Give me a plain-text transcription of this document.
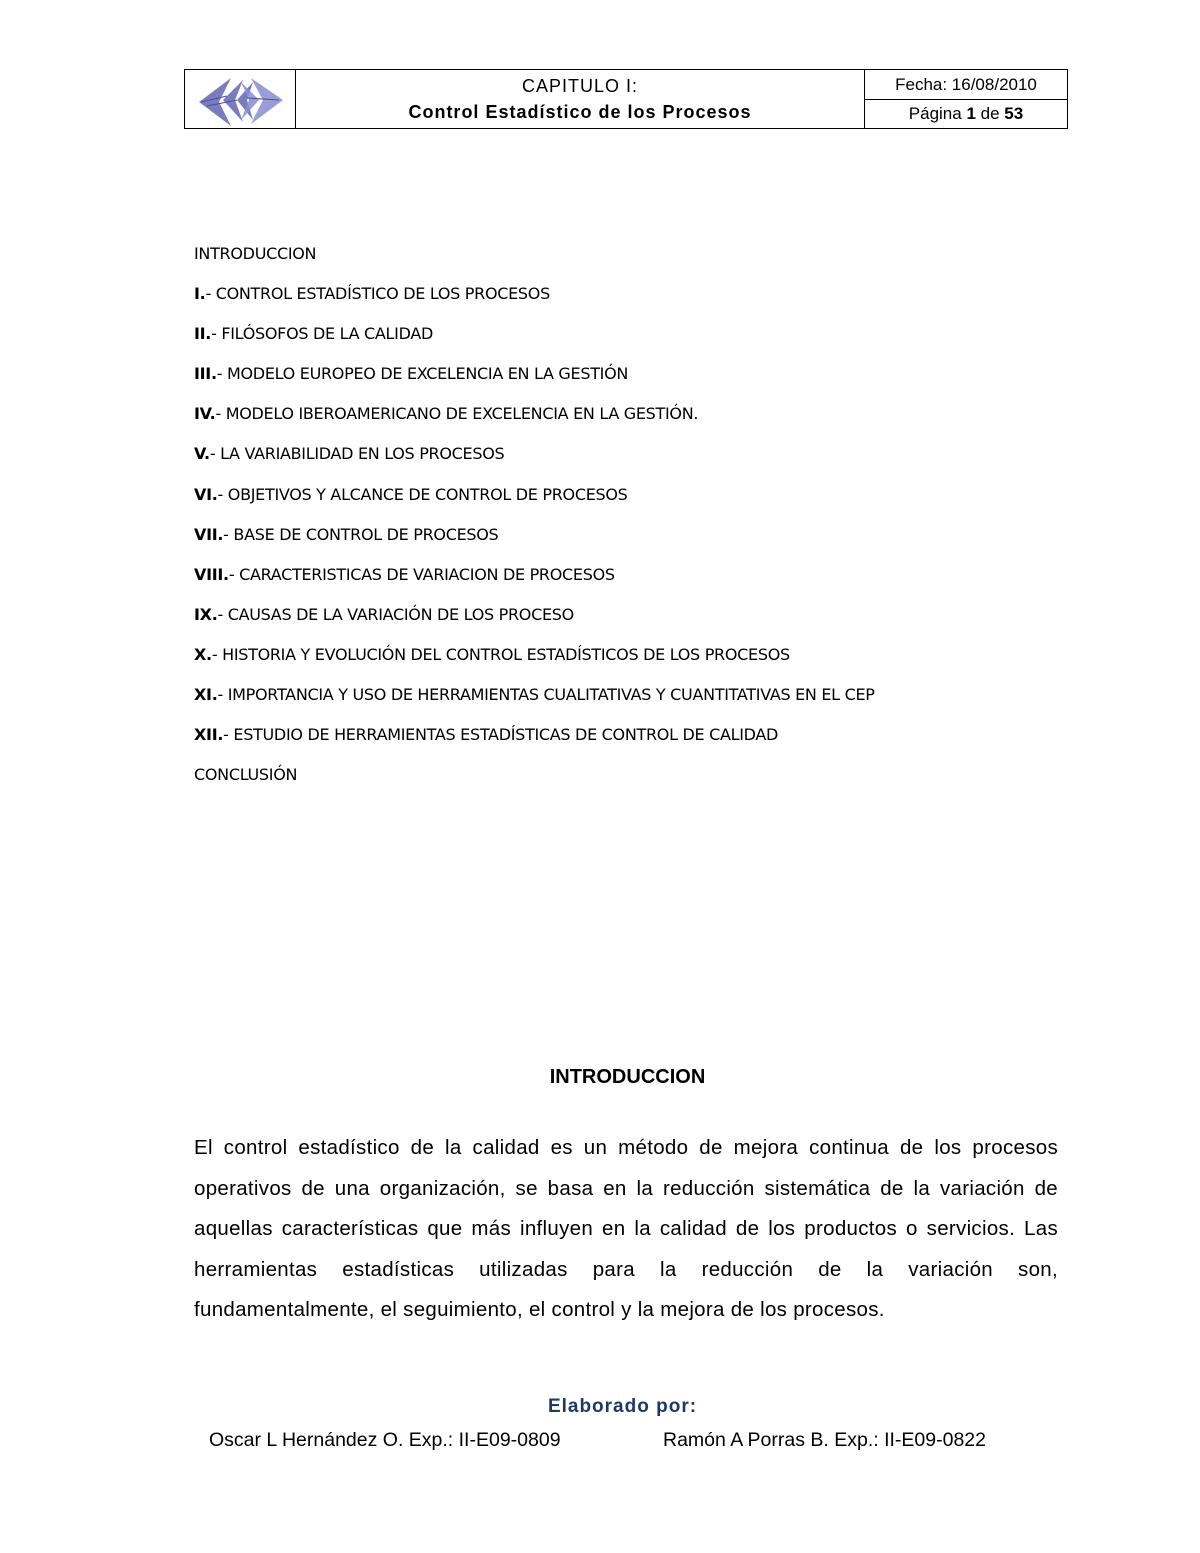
CAPITULO I:
Control Estadístico de los Procesos
Fecha: 16/08/2010
Página 1 de 53
INTRODUCCION
I.- CONTROL ESTADÍSTICO DE LOS PROCESOS
II.- FILÓSOFOS DE LA CALIDAD
III.- MODELO EUROPEO DE EXCELENCIA EN LA GESTIÓN
IV.- MODELO IBEROAMERICANO DE EXCELENCIA EN LA GESTIÓN.
V.- LA VARIABILIDAD EN LOS PROCESOS
VI.- OBJETIVOS Y ALCANCE DE CONTROL DE PROCESOS
VII.- BASE DE CONTROL DE PROCESOS
VIII.- CARACTERISTICAS DE VARIACION DE PROCESOS
IX.- CAUSAS DE LA VARIACIÓN DE LOS PROCESO
X.- HISTORIA Y EVOLUCIÓN DEL CONTROL ESTADÍSTICOS DE LOS PROCESOS
XI.- IMPORTANCIA Y USO DE HERRAMIENTAS CUALITATIVAS Y CUANTITATIVAS EN EL CEP
XII.- ESTUDIO DE HERRAMIENTAS ESTADÍSTICAS DE CONTROL DE CALIDAD
CONCLUSIÓN
INTRODUCCION
El control estadístico de la calidad es un método de mejora continua de los procesos operativos de una organización, se basa en la reducción sistemática de la variación de aquellas características que más influyen en la calidad de los productos o servicios. Las herramientas estadísticas utilizadas para la reducción de la variación son, fundamentalmente, el seguimiento, el control y la mejora de los procesos.
Elaborado por:
Oscar L Hernández O. Exp.: II-E09-0809	Ramón A Porras B. Exp.: II-E09-0822
